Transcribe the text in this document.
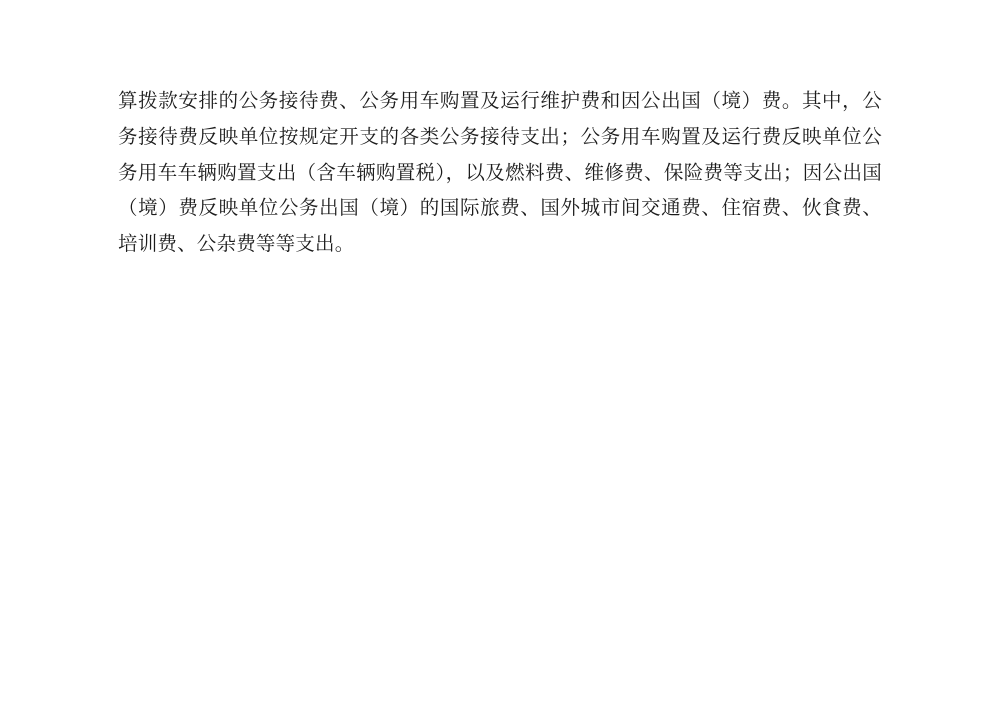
算拨款安排的公务接待费、公务用车购置及运行维护费和因公出国（境）费。其中，公务接待费反映单位按规定开支的各类公务接待支出；公务用车购置及运行费反映单位公务用车车辆购置支出（含车辆购置税），以及燃料费、维修费、保险费等支出；因公出国（境）费反映单位公务出国（境）的国际旅费、国外城市间交通费、住宿费、伙食费、培训费、公杂费等等支出。
